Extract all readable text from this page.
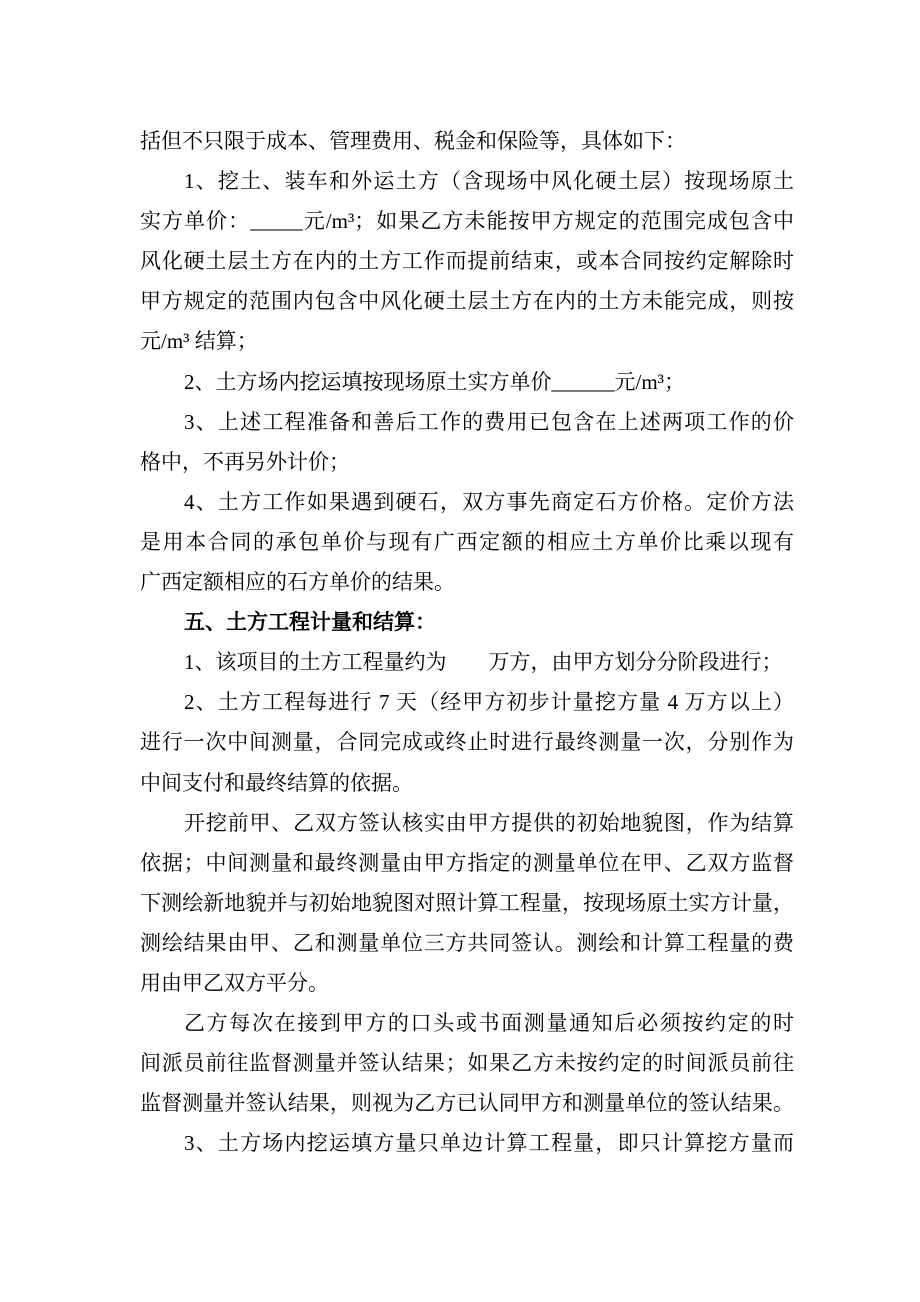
括但不只限于成本、管理费用、税金和保险等，具体如下：
1、挖土、装车和外运土方（含现场中风化硬土层）按现场原土
实方单价：_____元/m³；如果乙方未能按甲方规定的范围完成包含中
风化硬土层土方在内的土方工作而提前结束，或本合同按约定解除时
甲方规定的范围内包含中风化硬土层土方在内的土方未能完成，则按
元/m³ 结算；
2、土方场内挖运填按现场原土实方单价______元/m³；
3、上述工程准备和善后工作的费用已包含在上述两项工作的价
格中，不再另外计价；
4、土方工作如果遇到硬石，双方事先商定石方价格。定价方法
是用本合同的承包单价与现有广西定额的相应土方单价比乘以现有
广西定额相应的石方单价的结果。
五、土方工程计量和结算：
1、该项目的土方工程量约为　　万方，由甲方划分分阶段进行；
2、土方工程每进行 7 天（经甲方初步计量挖方量 4 万方以上）
进行一次中间测量，合同完成或终止时进行最终测量一次，分别作为
中间支付和最终结算的依据。
开挖前甲、乙双方签认核实由甲方提供的初始地貌图，作为结算
依据；中间测量和最终测量由甲方指定的测量单位在甲、乙双方监督
下测绘新地貌并与初始地貌图对照计算工程量，按现场原土实方计量，
测绘结果由甲、乙和测量单位三方共同签认。测绘和计算工程量的费
用由甲乙双方平分。
乙方每次在接到甲方的口头或书面测量通知后必须按约定的时
间派员前往监督测量并签认结果；如果乙方未按约定的时间派员前往
监督测量并签认结果，则视为乙方已认同甲方和测量单位的签认结果。
3、土方场内挖运填方量只单边计算工程量，即只计算挖方量而
